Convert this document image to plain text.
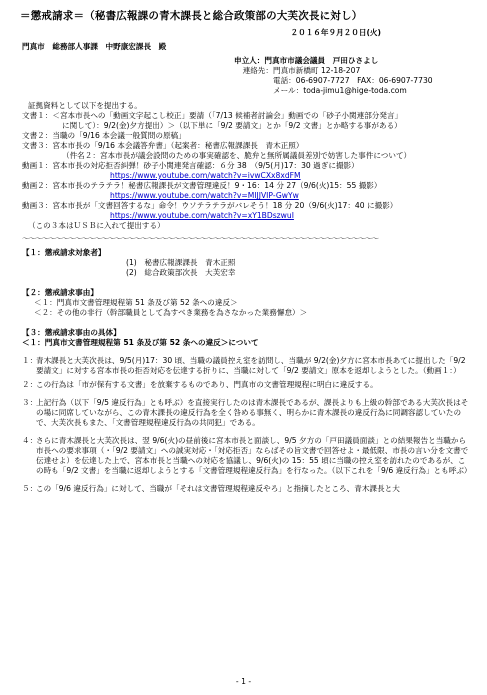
＝懲戒請求＝（秘書広報課の青木課長と総合政策部の大芙次長に対し）
２０１６年９月２０日(火)
門真市　総務部人事課　中野康宏課長　殿
申立人：門真市市議会議員　戸田ひさよし
連絡先： 門真市新橋町 12-18-207
電話：06-6907-7727　FAX：06-6907-7730
メール：toda-jimu1@hige-toda.com
証拠資料として以下を提出する。
文書１： ＜宮本市長への「動画文字起こし校正」要請（「7/13 候補者討論会」動画での「砂子小関連部分発言」
に関して）：9/2(金)夕方提出）＞（以下単に「9/2 要請文」とか「9/2 文書」とか略する事がある）
文書２： 当職の「9/16 本会議一般質問の原稿」
文書３： 宮本市長の「9/16 本会議答弁書」（起案者：秘書広報課課長　青木正照）
（件名２：宮本市長が議会設問のための事実確認を、脆弁と無所属議員差別で妨害した事件について）
動画１： 宮本市長の対応拒否糾弾！砂子小関連発言確認：６分 38　（9/5(月)17：30 過ぎに撮影）
https://www.youtube.com/watch?v=ivwCXx8xdFM
動画２： 宮本市長のテラテラ！秘書広報課長が文書管理違反！9・16：14 分 27（9/6(火)15：55 撮影）
https://www.youtube.com/watch?v=MIJJVIP-GwYw
動画３： 宮本市長が「文書回答するな」命令！ウソテラテラがバレそう！18 分 20（9/6(火)17：40 に撮影）
https://www.youtube.com/watch?v=xY1BDszwuI
（この３本はＵＳＢに入れて提出する）
～～～～～～～～～～～～～～～～～～～～～～～～～～～～～～～～～～～～～～～～～～～～～～～～～～～～～～
【１：懲戒請求対象者】
(1)　秘書広報課課長　青木正照
(2)　総合政策部次長　大芙宏幸
【２：懲戒請求事由】
＜１：門真市文書管理規程第 51 条及び第 52 条への違反＞
＜２：その他の非行（幹部職員として為すべき業務を為さなかった業務懈怠）＞
【３：懲戒請求事由の具体】
＜１：門真市文書管理規程第 51 条及び第 52 条への違反＞について
１：
青木課長と大芙次長は、9/5(月)17：30 頃、当職の議員控え室を訪問し、当職が 9/2(金)夕方に宮本市長あてに提出した「9/2 要請文」に対する宮本市長の拒否対応を伝達する折りに、当職に対して「9/2 要請文」原本を返却しようとした。（動画１：）
２：
この行為は「市が保有する文書」を放棄するものであり、門真市の文書管理規程に明白に違反する。
３：
上記行為（以下「9/5 違反行為」とも呼ぶ）を直接実行したのは青木課長であるが、課長よりも上級の幹部である大芙次長はその場に同席していながら、この青木課長の違反行為を全く咎める事無く、明らかに青木課長の違反行為に同調容認していたので、大芙次長もまた、「文書管理規程違反行為の共同犯」である。
４：
さらに青木課長と大芙次長は、翌 9/6(火)の昼前後に宮本市長と面談し、9/5 夕方の「戸田議員面談」との結果報告と当職から市長への要求事項（・「9/2 要請文」への誠実対応・「対応拒否」ならばその旨文書で回答せよ・最低限、市長の言い分を文書で伝達せよ）を伝達した上で、宮本市長と当職への対応を協議し、9/6(火)の 15：55 頃に当職の控え室を訪れたのであるが、この時も「9/2 文書」を当職に返却しようとする「文書管理規程違反行為」を行なった。（以下これを「9/6 違反行為」とも呼ぶ）
５：
この「9/6 違反行為」に対して、当職が「それは文書管理規程違反やろ」と指摘したところ、青木課長と大
- 1 -
